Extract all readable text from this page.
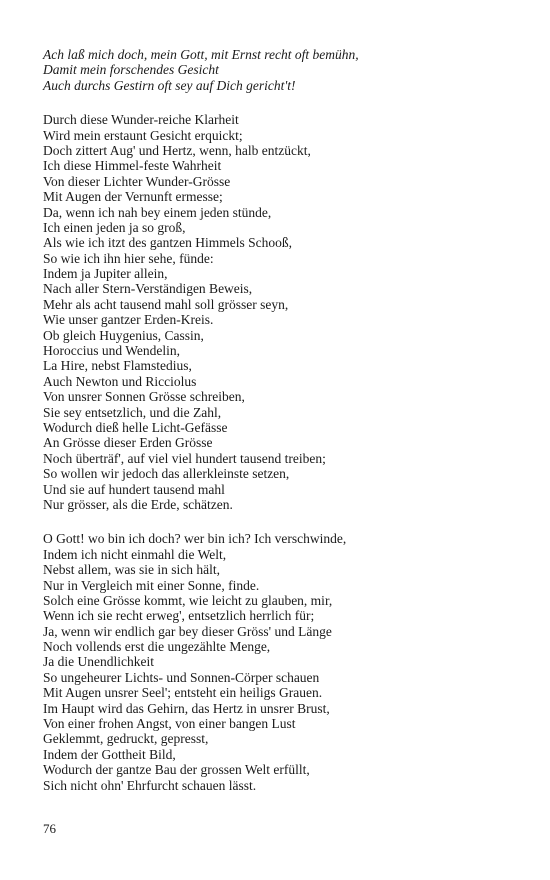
Ach laß mich doch, mein Gott, mit Ernst recht oft bemühn,
Damit mein forschendes Gesicht
Auch durchs Gestirn oft sey auf Dich gericht't!
Durch diese Wunder-reiche Klarheit
Wird mein erstaunt Gesicht erquickt;
Doch zittert Aug' und Hertz, wenn, halb entzückt,
Ich diese Himmel-feste Wahrheit
Von dieser Lichter Wunder-Grösse
Mit Augen der Vernunft ermesse;
Da, wenn ich nah bey einem jeden stünde,
Ich einen jeden ja so groß,
Als wie ich itzt des gantzen Himmels Schooß,
So wie ich ihn hier sehe, fünde:
Indem ja Jupiter allein,
Nach aller Stern-Verständigen Beweis,
Mehr als acht tausend mahl soll grösser seyn,
Wie unser gantzer Erden-Kreis.
Ob gleich Huygenius, Cassin,
Horoccius und Wendelin,
La Hire, nebst Flamstedius,
Auch Newton und Ricciolus
Von unsrer Sonnen Grösse schreiben,
Sie sey entsetzlich, und die Zahl,
Wodurch dieß helle Licht-Gefässe
An Grösse dieser Erden Grösse
Noch überträf', auf viel viel hundert tausend treiben;
So wollen wir jedoch das allerkleinste setzen,
Und sie auf hundert tausend mahl
Nur grösser, als die Erde, schätzen.
O Gott! wo bin ich doch? wer bin ich? Ich verschwinde,
Indem ich nicht einmahl die Welt,
Nebst allem, was sie in sich hält,
Nur in Vergleich mit einer Sonne, finde.
Solch eine Grösse kommt, wie leicht zu glauben, mir,
Wenn ich sie recht erweg', entsetzlich herrlich für;
Ja, wenn wir endlich gar bey dieser Gröss' und Länge
Noch vollends erst die ungezählte Menge,
Ja die Unendlichkeit
So ungeheurer Lichts- und Sonnen-Cörper schauen
Mit Augen unsrer Seel'; entsteht ein heiligs Grauen.
Im Haupt wird das Gehirn, das Hertz in unsrer Brust,
Von einer frohen Angst, von einer bangen Lust
Geklemmt, gedruckt, gepresst,
Indem der Gottheit Bild,
Wodurch der gantze Bau der grossen Welt erfüllt,
Sich nicht ohn' Ehrfurcht schauen lässt.
76
